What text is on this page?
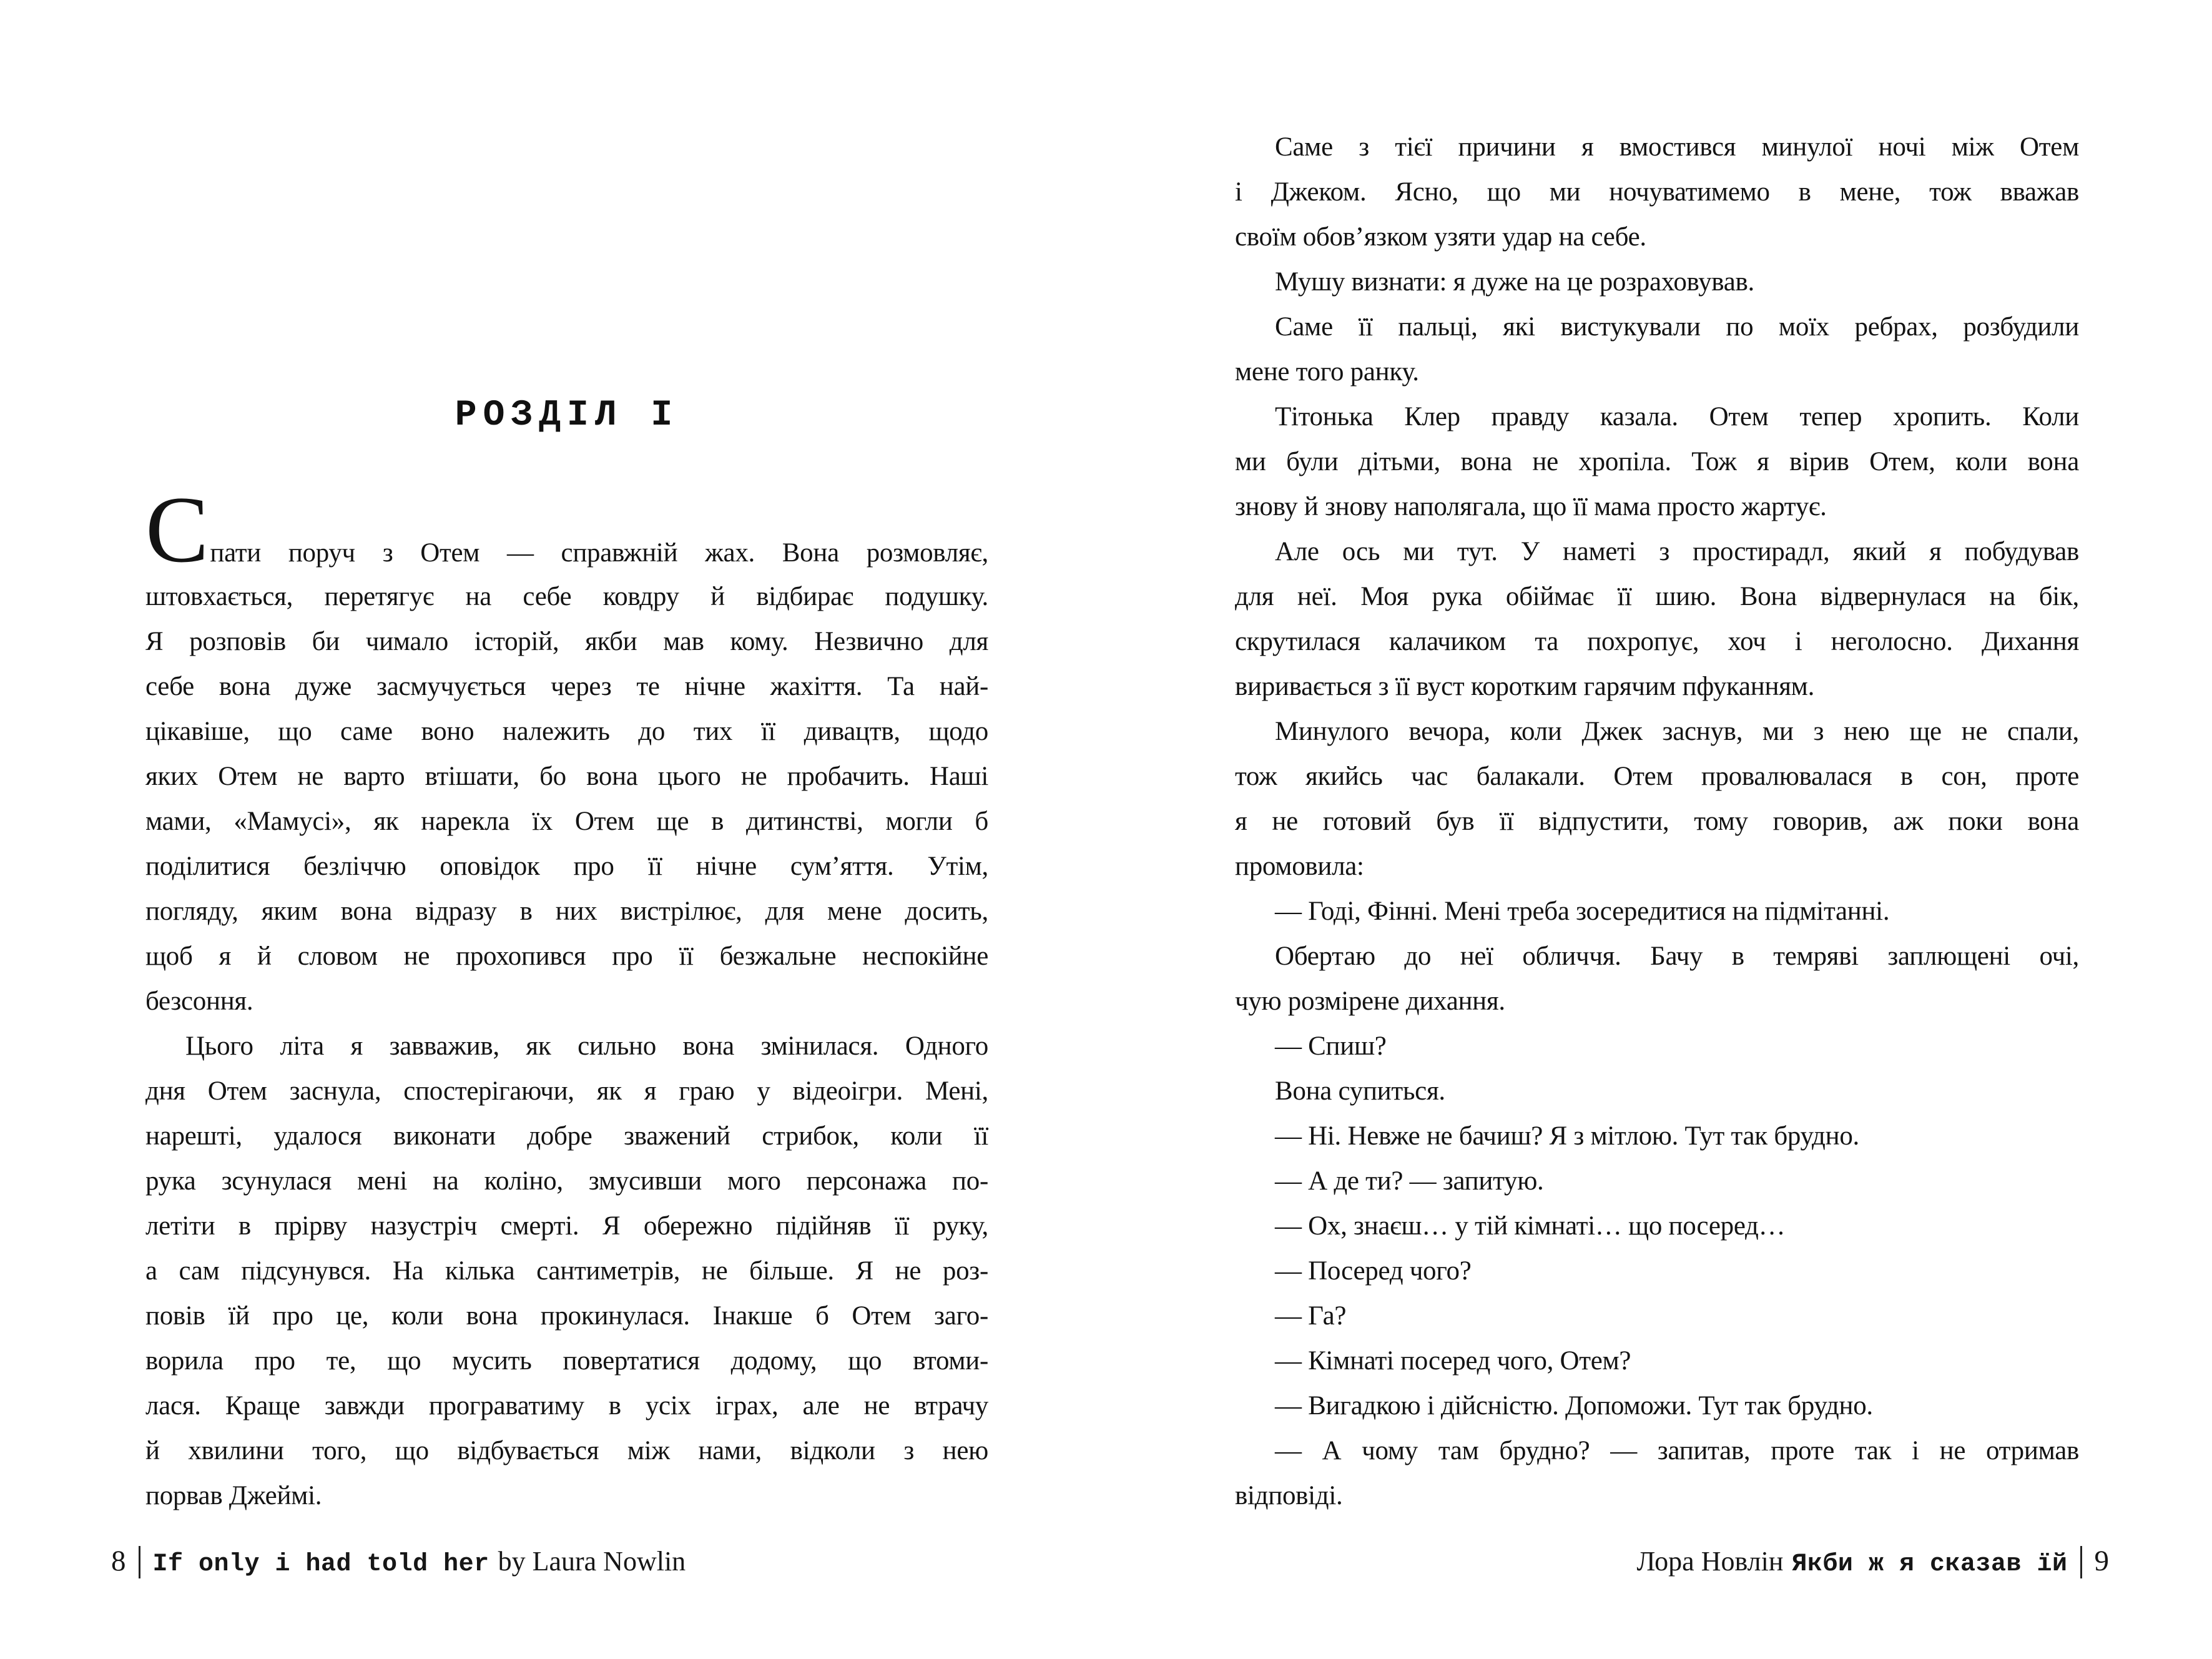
РОЗДІЛ I
Спати поруч з Отем — справжній жах. Вона розмовляє,
штовхається, перетягує на себе ковдру й відбирає подушку.
Я розповів би чимало історій, якби мав кому. Незвично для
себе вона дуже засмучується через те нічне жахіття. Та най-
цікавіше, що саме воно належить до тих її дивацтв, щодо
яких Отем не варто втішати, бо вона цього не пробачить. Наші
мами, «Мамусі», як нарекла їх Отем ще в дитинстві, могли б
поділитися безліччю оповідок про її нічне сум’яття. Утім,
погляду, яким вона відразу в них вистрілює, для мене досить,
щоб я й словом не прохопився про її безжальне неспокійне
безсоння.
Цього літа я завважив, як сильно вона змінилася. Одного
дня Отем заснула, спостерігаючи, як я граю у відеоігри. Мені,
нарешті, удалося виконати добре зважений стрибок, коли її
рука зсунулася мені на коліно, змусивши мого персонажа по-
летіти в прірву назустріч смерті. Я обережно підійняв її руку,
а сам підсунувся. На кілька сантиметрів, не більше. Я не роз-
повів їй про це, коли вона прокинулася. Інакше б Отем заго-
ворила про те, що мусить повертатися додому, що втоми-
лася. Краще завжди програватиму в усіх іграх, але не втрачу
й хвилини того, що відбувається між нами, відколи з нею
порвав Джеймі.
Саме з тієї причини я вмостився минулої ночі між Отем
і Джеком. Ясно, що ми ночуватимемо в мене, тож вважав
своїм обов’язком узяти удар на себе.
Мушу визнати: я дуже на це розраховував.
Саме її пальці, які вистукували по моїх ребрах, розбудили
мене того ранку.
Тітонька Клер правду казала. Отем тепер хропить. Коли
ми були дітьми, вона не хропіла. Тож я вірив Отем, коли вона
знову й знову наполягала, що її мама просто жартує.
Але ось ми тут. У наметі з простирадл, який я побудував
для неї. Моя рука обіймає її шию. Вона відвернулася на бік,
скрутилася калачиком та похропує, хоч і неголосно. Дихання
виривається з її вуст коротким гарячим пфуканням.
Минулого вечора, коли Джек заснув, ми з нею ще не спали,
тож якийсь час балакали. Отем провалювалася в сон, проте
я не готовий був її відпустити, тому говорив, аж поки вона
промовила:
— Годі, Фінні. Мені треба зосередитися на підмітанні.
Обертаю до неї обличчя. Бачу в темряві заплющені очі,
чую розмірене дихання.
— Спиш?
Вона супиться.
— Ні. Невже не бачиш? Я з мітлою. Тут так брудно.
— А де ти? — запитую.
— Ох, знаєш… у тій кімнаті… що посеред…
— Посеред чого?
— Га?
— Кімнаті посеред чого, Отем?
— Вигадкою і дійсністю. Допоможи. Тут так брудно.
— А чому там брудно? — запитав, проте так і не отримав
відповіді.
8 If only i had told her by Laura Nowlin	Лора Новлін Якби ж я сказав їй 9
